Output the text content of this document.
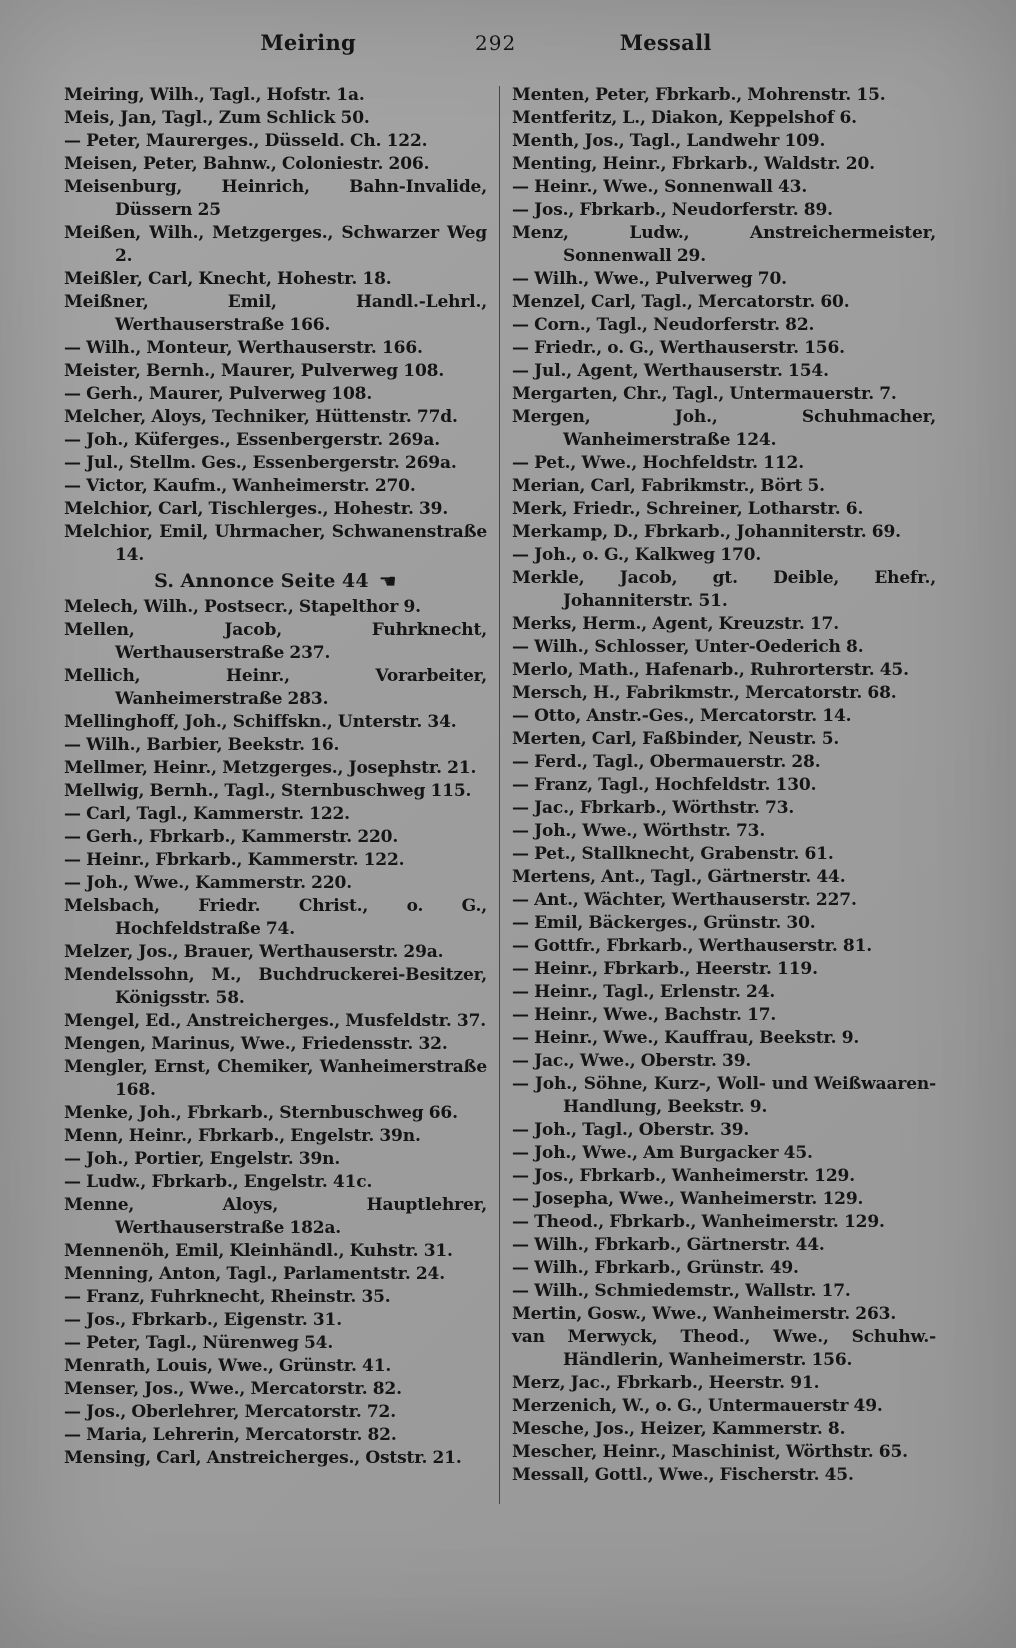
Meiring	292	Messall

Meiring, Wilh., Tagl., Hofstr. 1a.

Meis, Jan, Tagl., Zum Schlick 50.

— Peter, Maurerges., Düsseld. Ch. 122.

Meisen, Peter, Bahnw., Coloniestr. 206.

Meisenburg, Heinrich, Bahn-Invalide, Düssern 25

Meißen, Wilh., Metzgerges., Schwarzer Weg 2.

Meißler, Carl, Knecht, Hohestr. 18.

Meißner, Emil, Handl.-Lehrl., Werthauserstraße 166.

— Wilh., Monteur, Werthauserstr. 166.

Meister, Bernh., Maurer, Pulverweg 108.

— Gerh., Maurer, Pulverweg 108.

Melcher, Aloys, Techniker, Hüttenstr. 77d.

— Joh., Küferges., Essenbergerstr. 269a.

— Jul., Stellm. Ges., Essenbergerstr. 269a.

— Victor, Kaufm., Wanheimerstr. 270.

Melchior, Carl, Tischlerges., Hohestr. 39.

Melchior, Emil, Uhrmacher, Schwanenstraße 14.

S. Annonce Seite 44 ☚

Melech, Wilh., Postsecr., Stapelthor 9.

Mellen, Jacob, Fuhrknecht, Werthauserstraße 237.

Mellich, Heinr., Vorarbeiter, Wanheimerstraße 283.

Mellinghoff, Joh., Schiffskn., Unterstr. 34.

— Wilh., Barbier, Beekstr. 16.

Mellmer, Heinr., Metzgerges., Josephstr. 21.

Mellwig, Bernh., Tagl., Sternbuschweg 115.

— Carl, Tagl., Kammerstr. 122.

— Gerh., Fbrkarb., Kammerstr. 220.

— Heinr., Fbrkarb., Kammerstr. 122.

— Joh., Wwe., Kammerstr. 220.

Melsbach, Friedr. Christ., o. G., Hochfeldstraße 74.

Melzer, Jos., Brauer, Werthauserstr. 29a.

Mendelssohn, M., Buchdruckerei-Besitzer, Königsstr. 58.

Mengel, Ed., Anstreicherges., Musfeldstr. 37.

Mengen, Marinus, Wwe., Friedensstr. 32.

Mengler, Ernst, Chemiker, Wanheimerstraße 168.

Menke, Joh., Fbrkarb., Sternbuschweg 66.

Menn, Heinr., Fbrkarb., Engelstr. 39n.

— Joh., Portier, Engelstr. 39n.

— Ludw., Fbrkarb., Engelstr. 41c.

Menne, Aloys, Hauptlehrer, Werthauserstraße 182a.

Mennenöh, Emil, Kleinhändl., Kuhstr. 31.

Menning, Anton, Tagl., Parlamentstr. 24.

— Franz, Fuhrknecht, Rheinstr. 35.

— Jos., Fbrkarb., Eigenstr. 31.

— Peter, Tagl., Nürenweg 54.

Menrath, Louis, Wwe., Grünstr. 41.

Menser, Jos., Wwe., Mercatorstr. 82.

— Jos., Oberlehrer, Mercatorstr. 72.

— Maria, Lehrerin, Mercatorstr. 82.

Mensing, Carl, Anstreicherges., Oststr. 21.

Menten, Peter, Fbrkarb., Mohrenstr. 15.

Mentferitz, L., Diakon, Keppelshof 6.

Menth, Jos., Tagl., Landwehr 109.

Menting, Heinr., Fbrkarb., Waldstr. 20.

— Heinr., Wwe., Sonnenwall 43.

— Jos., Fbrkarb., Neudorferstr. 89.

Menz, Ludw., Anstreichermeister, Sonnenwall 29.

— Wilh., Wwe., Pulverweg 70.

Menzel, Carl, Tagl., Mercatorstr. 60.

— Corn., Tagl., Neudorferstr. 82.

— Friedr., o. G., Werthauserstr. 156.

— Jul., Agent, Werthauserstr. 154.

Mergarten, Chr., Tagl., Untermauerstr. 7.

Mergen, Joh., Schuhmacher, Wanheimerstraße 124.

— Pet., Wwe., Hochfeldstr. 112.

Merian, Carl, Fabrikmstr., Bört 5.

Merk, Friedr., Schreiner, Lotharstr. 6.

Merkamp, D., Fbrkarb., Johanniterstr. 69.

— Joh., o. G., Kalkweg 170.

Merkle, Jacob, gt. Deible, Ehefr., Johanniterstr. 51.

Merks, Herm., Agent, Kreuzstr. 17.

— Wilh., Schlosser, Unter-Oederich 8.

Merlo, Math., Hafenarb., Ruhrorterstr. 45.

Mersch, H., Fabrikmstr., Mercatorstr. 68.

— Otto, Anstr.-Ges., Mercatorstr. 14.

Merten, Carl, Faßbinder, Neustr. 5.

— Ferd., Tagl., Obermauerstr. 28.

— Franz, Tagl., Hochfeldstr. 130.

— Jac., Fbrkarb., Wörthstr. 73.

— Joh., Wwe., Wörthstr. 73.

— Pet., Stallknecht, Grabenstr. 61.

Mertens, Ant., Tagl., Gärtnerstr. 44.

— Ant., Wächter, Werthauserstr. 227.

— Emil, Bäckerges., Grünstr. 30.

— Gottfr., Fbrkarb., Werthauserstr. 81.

— Heinr., Fbrkarb., Heerstr. 119.

— Heinr., Tagl., Erlenstr. 24.

— Heinr., Wwe., Bachstr. 17.

— Heinr., Wwe., Kauffrau, Beekstr. 9.

— Jac., Wwe., Oberstr. 39.

— Joh., Söhne, Kurz-, Woll- und Weißwaaren-Handlung, Beekstr. 9.

— Joh., Tagl., Oberstr. 39.

— Joh., Wwe., Am Burgacker 45.

— Jos., Fbrkarb., Wanheimerstr. 129.

— Josepha, Wwe., Wanheimerstr. 129.

— Theod., Fbrkarb., Wanheimerstr. 129.

— Wilh., Fbrkarb., Gärtnerstr. 44.

— Wilh., Fbrkarb., Grünstr. 49.

— Wilh., Schmiedemstr., Wallstr. 17.

Mertin, Gosw., Wwe., Wanheimerstr. 263.

van Merwyck, Theod., Wwe., Schuhw.-Händlerin, Wanheimerstr. 156.

Merz, Jac., Fbrkarb., Heerstr. 91.

Merzenich, W., o. G., Untermauerstr 49.

Mesche, Jos., Heizer, Kammerstr. 8.

Mescher, Heinr., Maschinist, Wörthstr. 65.

Messall, Gottl., Wwe., Fischerstr. 45.
